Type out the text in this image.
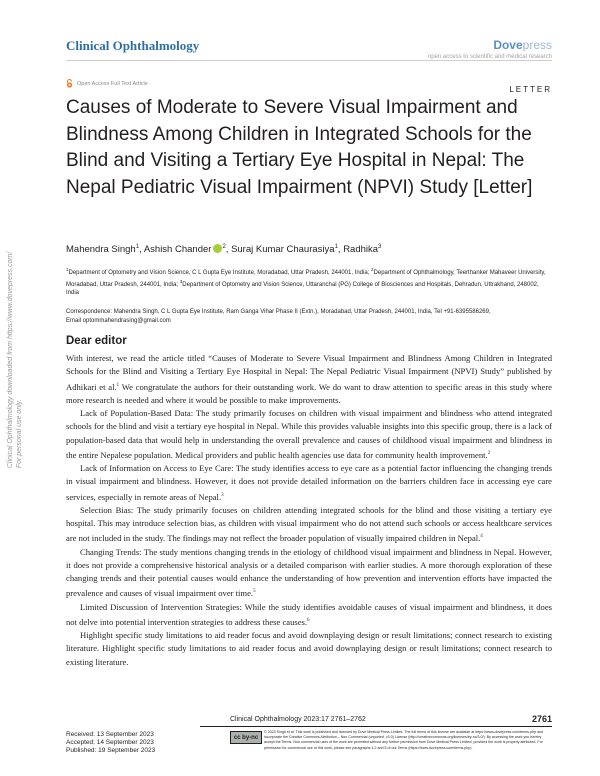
Clinical Ophthalmology downloaded from https://www.dovepress.com/ For personal use only.
Clinical Ophthalmology	Dovepress
open access to scientific and medical research
Open Access Full Text Article
LETTER
Causes of Moderate to Severe Visual Impairment and Blindness Among Children in Integrated Schools for the Blind and Visiting a Tertiary Eye Hospital in Nepal: The Nepal Pediatric Visual Impairment (NPVI) Study [Letter]
Mahendra Singh$^1$, Ashish Chander $^2$, Suraj Kumar Chaurasiya$^1$, Radhika$^3$
$^1$Department of Optometry and Vision Science, C L Gupta Eye Institute, Moradabad, Uttar Pradesh, 244001, India; $^2$Department of Ophthalmology, Teerthanker Mahaveer University, Moradabad, Uttar Pradesh, 244001, India; $^3$Department of Optometry and Vision Science, Uttaranchal (PG) College of Biosciences and Hospitals, Dehradun, Uttrakhand, 248002, India
Correspondence: Mahendra Singh, C L Gupta Eye Institute, Ram Ganga Vihar Phase II (Extn.), Moradabad, Uttar Pradesh, 244001, India, Tel +91-6395586269,
Email optommahendrasing@gmail.com
Dear editor

With interest, we read the article titled “Causes of Moderate to Severe Visual Impairment and Blindness Among Children in Integrated Schools for the Blind and Visiting a Tertiary Eye Hospital in Nepal: The Nepal Pediatric Visual Impairment (NPVI) Study” published by Adhikari et al.$^1$ We congratulate the authors for their outstanding work. We do want to draw attention to specific areas in this study where more research is needed and where it would be possible to make improvements.

Lack of Population-Based Data: The study primarily focuses on children with visual impairment and blindness who attend integrated schools for the blind and visit a tertiary eye hospital in Nepal. While this provides valuable insights into this specific group, there is a lack of population-based data that would help in understanding the overall prevalence and causes of childhood visual impairment and blindness in the entire Nepalese population. Medical providers and public health agencies use data for community health improvement.$^2$

Lack of Information on Access to Eye Care: The study identifies access to eye care as a potential factor influencing the changing trends in visual impairment and blindness. However, it does not provide detailed information on the barriers children face in accessing eye care services, especially in remote areas of Nepal.$^3$

Selection Bias: The study primarily focuses on children attending integrated schools for the blind and those visiting a tertiary eye hospital. This may introduce selection bias, as children with visual impairment who do not attend such schools or access healthcare services are not included in the study. The findings may not reflect the broader population of visually impaired children in Nepal.$^4$

Changing Trends: The study mentions changing trends in the etiology of childhood visual impairment and blindness in Nepal. However, it does not provide a comprehensive historical analysis or a detailed comparison with earlier studies. A more thorough exploration of these changing trends and their potential causes would enhance the understanding of how prevention and intervention efforts have impacted the prevalence and causes of visual impairment over time.$^5$

Limited Discussion of Intervention Strategies: While the study identifies avoidable causes of visual impairment and blindness, it does not delve into potential intervention strategies to address these causes.$^6$

Highlight specific study limitations to aid reader focus and avoid downplaying design or result limitations; connect research to existing literature. Highlight specific study limitations to aid reader focus and avoid downplaying design or result limitations; connect research to existing literature.

Received: 13 September 2023
Accepted: 14 September 2023
Published: 19 September 2023
Clinical Ophthalmology 2023:17 2761–2762	2761
cc by-nc
© 2023 Singh et al. This work is published and licensed by Dove Medical Press Limited. The full terms of this license are available at https://www.dovepress.com/terms.php and incorporate the Creative Commons Attribution – Non Commercial (unported, v3.0) License (http://creativecommons.org/licenses/by-nc/3.0/). By accessing the work you hereby accept the Terms. Non-commercial uses of the work are permitted without any further permission from Dove Medical Press Limited, provided the work is properly attributed. For permission for commercial use of this work, please see paragraphs 4.2 and 5 of our Terms (https://www.dovepress.com/terms.php).
